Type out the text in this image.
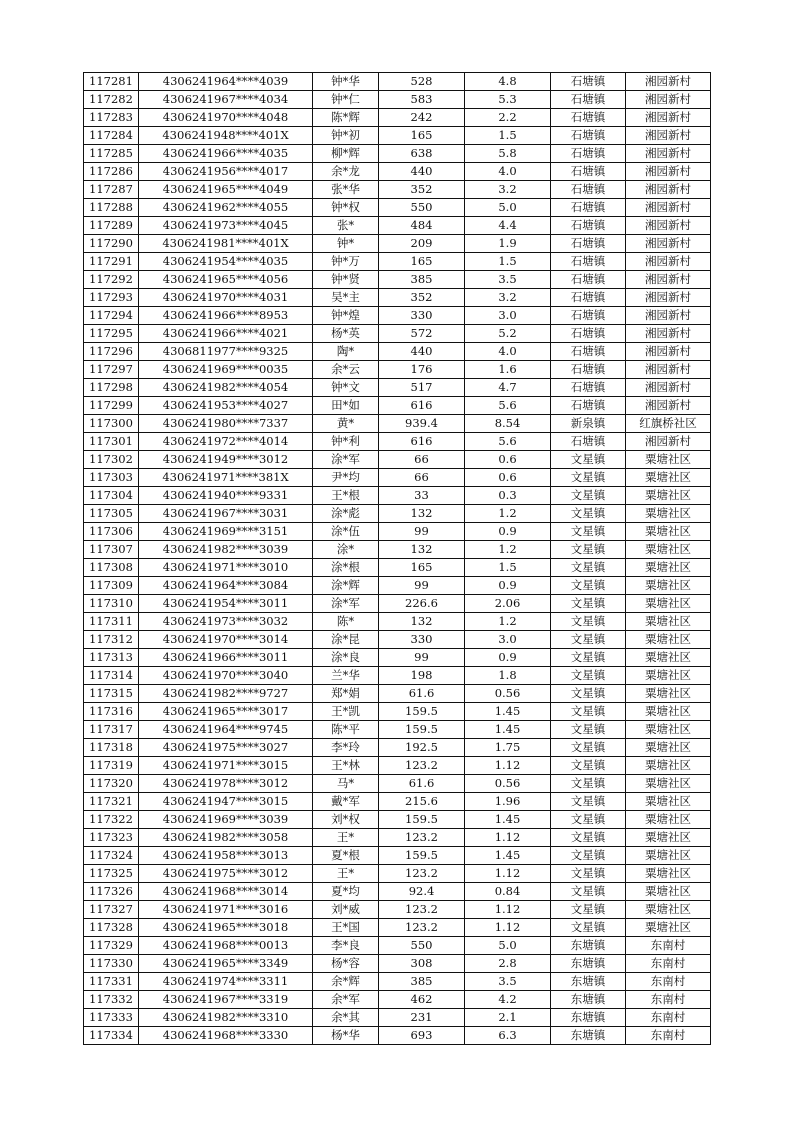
117281	4306241964****4039	钟*华	528	4.8	石塘镇	湘园新村
117282	4306241967****4034	钟*仁	583	5.3	石塘镇	湘园新村
117283	4306241970****4048	陈*辉	242	2.2	石塘镇	湘园新村
117284	4306241948****401X	钟*初	165	1.5	石塘镇	湘园新村
117285	4306241966****4035	柳*辉	638	5.8	石塘镇	湘园新村
117286	4306241956****4017	余*龙	440	4.0	石塘镇	湘园新村
117287	4306241965****4049	张*华	352	3.2	石塘镇	湘园新村
117288	4306241962****4055	钟*权	550	5.0	石塘镇	湘园新村
117289	4306241973****4045	张*	484	4.4	石塘镇	湘园新村
117290	4306241981****401X	钟*	209	1.9	石塘镇	湘园新村
117291	4306241954****4035	钟*万	165	1.5	石塘镇	湘园新村
117292	4306241965****4056	钟*贤	385	3.5	石塘镇	湘园新村
117293	4306241970****4031	吴*主	352	3.2	石塘镇	湘园新村
117294	4306241966****8953	钟*煌	330	3.0	石塘镇	湘园新村
117295	4306241966****4021	杨*英	572	5.2	石塘镇	湘园新村
117296	4306811977****9325	陶*	440	4.0	石塘镇	湘园新村
117297	4306241969****0035	余*云	176	1.6	石塘镇	湘园新村
117298	4306241982****4054	钟*文	517	4.7	石塘镇	湘园新村
117299	4306241953****4027	田*如	616	5.6	石塘镇	湘园新村
117300	4306241980****7337	黄*	939.4	8.54	新泉镇	红旗桥社区
117301	4306241972****4014	钟*利	616	5.6	石塘镇	湘园新村
117302	4306241949****3012	涂*军	66	0.6	文星镇	粟塘社区
117303	4306241971****381X	尹*均	66	0.6	文星镇	粟塘社区
117304	4306241940****9331	王*根	33	0.3	文星镇	粟塘社区
117305	4306241967****3031	涂*彪	132	1.2	文星镇	粟塘社区
117306	4306241969****3151	涂*伍	99	0.9	文星镇	粟塘社区
117307	4306241982****3039	涂*	132	1.2	文星镇	粟塘社区
117308	4306241971****3010	涂*根	165	1.5	文星镇	粟塘社区
117309	4306241964****3084	涂*辉	99	0.9	文星镇	粟塘社区
117310	4306241954****3011	涂*军	226.6	2.06	文星镇	粟塘社区
117311	4306241973****3032	陈*	132	1.2	文星镇	粟塘社区
117312	4306241970****3014	涂*昆	330	3.0	文星镇	粟塘社区
117313	4306241966****3011	涂*良	99	0.9	文星镇	粟塘社区
117314	4306241970****3040	兰*华	198	1.8	文星镇	粟塘社区
117315	4306241982****9727	郑*娟	61.6	0.56	文星镇	粟塘社区
117316	4306241965****3017	王*凯	159.5	1.45	文星镇	粟塘社区
117317	4306241964****9745	陈*平	159.5	1.45	文星镇	粟塘社区
117318	4306241975****3027	李*玲	192.5	1.75	文星镇	粟塘社区
117319	4306241971****3015	王*林	123.2	1.12	文星镇	粟塘社区
117320	4306241978****3012	马*	61.6	0.56	文星镇	粟塘社区
117321	4306241947****3015	戴*军	215.6	1.96	文星镇	粟塘社区
117322	4306241969****3039	刘*权	159.5	1.45	文星镇	粟塘社区
117323	4306241982****3058	王*	123.2	1.12	文星镇	粟塘社区
117324	4306241958****3013	夏*根	159.5	1.45	文星镇	粟塘社区
117325	4306241975****3012	王*	123.2	1.12	文星镇	粟塘社区
117326	4306241968****3014	夏*均	92.4	0.84	文星镇	粟塘社区
117327	4306241971****3016	刘*威	123.2	1.12	文星镇	粟塘社区
117328	4306241965****3018	王*国	123.2	1.12	文星镇	粟塘社区
117329	4306241968****0013	李*良	550	5.0	东塘镇	东南村
117330	4306241965****3349	杨*容	308	2.8	东塘镇	东南村
117331	4306241974****3311	余*辉	385	3.5	东塘镇	东南村
117332	4306241967****3319	余*军	462	4.2	东塘镇	东南村
117333	4306241982****3310	余*其	231	2.1	东塘镇	东南村
117334	4306241968****3330	杨*华	693	6.3	东塘镇	东南村
